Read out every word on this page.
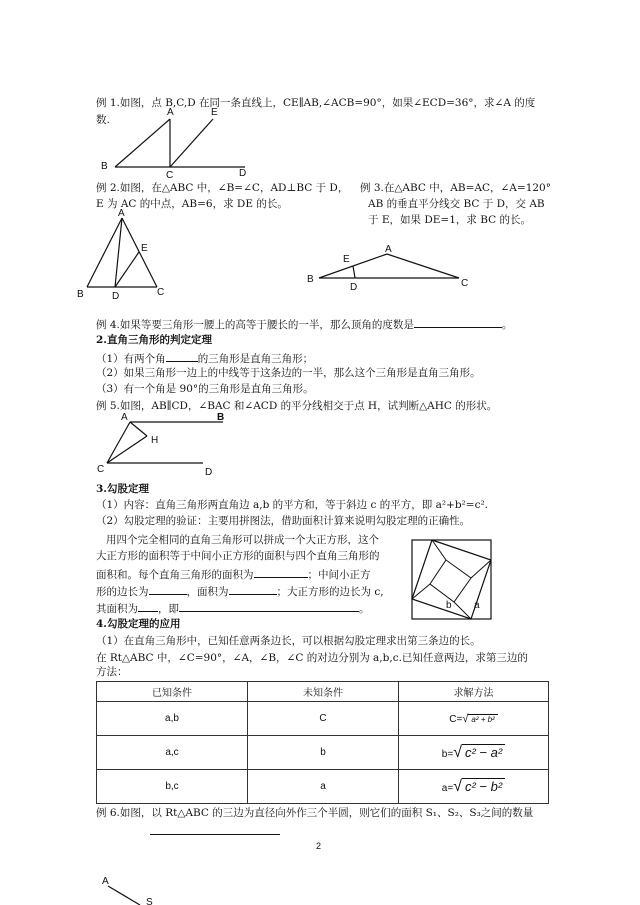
例 1.如图，点 B,C,D 在同一条直线上，CE∥AB,∠ACB=90°，如果∠ECD=36°，求∠A 的度
数.
A	E
B
C	D
例 2.如图，在△ABC 中，∠B=∠C，AD⊥BC 于 D，
E 为 AC 的中点，AB=6，求 DE 的长。
A
E
B	D	C
例 3.在△ABC 中，AB=AC，∠A=120°
AB 的垂直平分线交 BC 于 D，交 AB
于 E，如果 DE=1，求 BC 的长。
A
E
B
D	C
例 4.如果等要三角形一腰上的高等于腰长的一半，那么顶角的度数是	。
2.直角三角形的判定定理
（1）有两个角	的三角形是直角三角形；
（2）如果三角形一边上的中线等于这条边的一半，那么这个三角形是直角三角形。
（3）有一个角是 90°的三角形是直角三角形。
例 5.如图，AB∥CD，∠BAC 和∠ACD 的平分线相交于点 H，试判断△AHC 的形状。
A	B
H
C	D
3.勾股定理
（1）内容：直角三角形两直角边 a,b 的平方和，等于斜边 c 的平方，即 a²+b²=c².
（2）勾股定理的验证：主要用拼图法，借助面积计算来说明勾股定理的正确性。
用四个完全相同的直角三角形可以拼成一个大正方形，这个
大正方形的面积等于中间小正方形的面积与四个直角三角形的
面积和。每个直角三角形的面积为	；中间小正方
形的边长为	，面积为	；大正方形的边长为 c,
其面积为 ，即	。	b a
4.勾股定理的应用
（1）在直角三角形中，已知任意两条边长，可以根据勾股定理求出第三条边的长。
在 Rt△ABC 中，∠C=90°，∠A，∠B，∠C 的对边分别为 a,b,c.已知任意两边，求第三边的
方法：
已知条件	未知条件	求解方法
a,b	C	C=√ a² + b²
a,c	b	b=√ c² − a²
b,c	a	a=√ c² − b²
例 6.如图，以 Rt△ABC 的三边为直径向外作三个半圆，则它们的面积 S₁、S₂、S₃之间的数量
2
A
S
